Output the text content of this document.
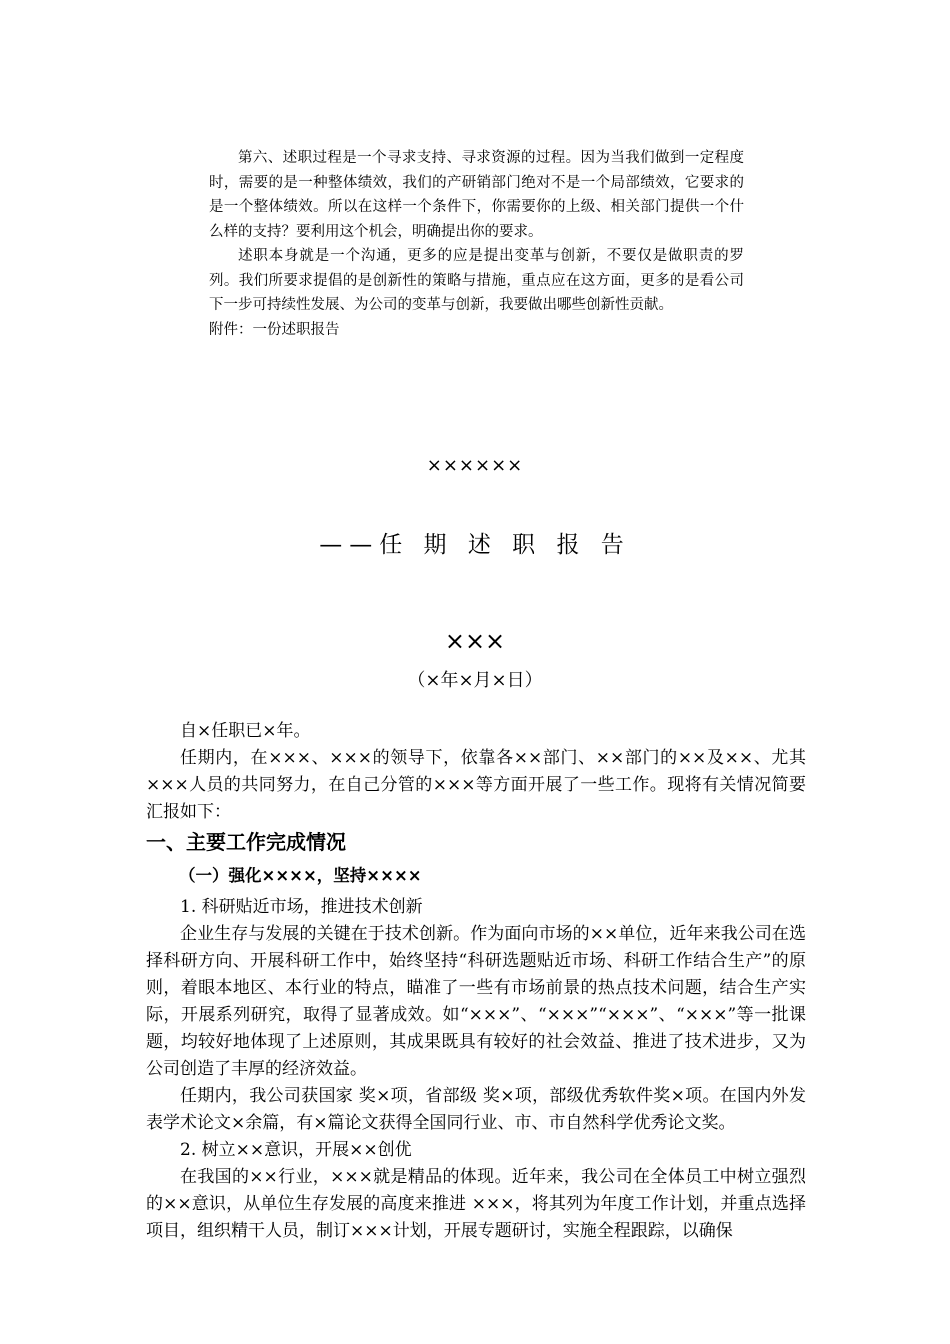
第六、述职过程是一个寻求支持、寻求资源的过程。因为当我们做到一定程度时，需要的是一种整体绩效，我们的产研销部门绝对不是一个局部绩效，它要求的是一个整体绩效。所以在这样一个条件下，你需要你的上级、相关部门提供一个什么样的支持？要利用这个机会，明确提出你的要求。

述职本身就是一个沟通，更多的应是提出变革与创新，不要仅是做职责的罗列。我们所要求提倡的是创新性的策略与措施，重点应在这方面，更多的是看公司下一步可持续性发展、为公司的变革与创新，我要做出哪些创新性贡献。

附件：一份述职报告

××××××
——任 期 述 职 报 告
×××
（×年×月×日）

自×任职已×年。

任期内，在×××、×××的领导下，依靠各××部门、××部门的××及××、尤其×××人员的共同努力，在自己分管的×××等方面开展了一些工作。现将有关情况简要汇报如下：

一、主要工作完成情况
（一）强化××××，坚持××××

1. 科研贴近市场，推进技术创新

企业生存与发展的关键在于技术创新。作为面向市场的××单位，近年来我公司在选择科研方向、开展科研工作中，始终坚持“科研选题贴近市场、科研工作结合生产”的原则，着眼本地区、本行业的特点，瞄准了一些有市场前景的热点技术问题，结合生产实际，开展系列研究，取得了显著成效。如“×××”、“×××”“×××”、“×××”等一批课题，均较好地体现了上述原则，其成果既具有较好的社会效益、推进了技术进步，又为公司创造了丰厚的经济效益。

任期内，我公司获国家 奖×项，省部级 奖×项，部级优秀软件奖×项。在国内外发表学术论文×余篇，有×篇论文获得全国同行业、市、市自然科学优秀论文奖。

2. 树立××意识，开展××创优

在我国的××行业，×××就是精品的体现。近年来，我公司在全体员工中树立强烈的××意识，从单位生存发展的高度来推进 ×××，将其列为年度工作计划，并重点选择项目，组织精干人员，制订×××计划，开展专题研讨，实施全程跟踪，以确保
